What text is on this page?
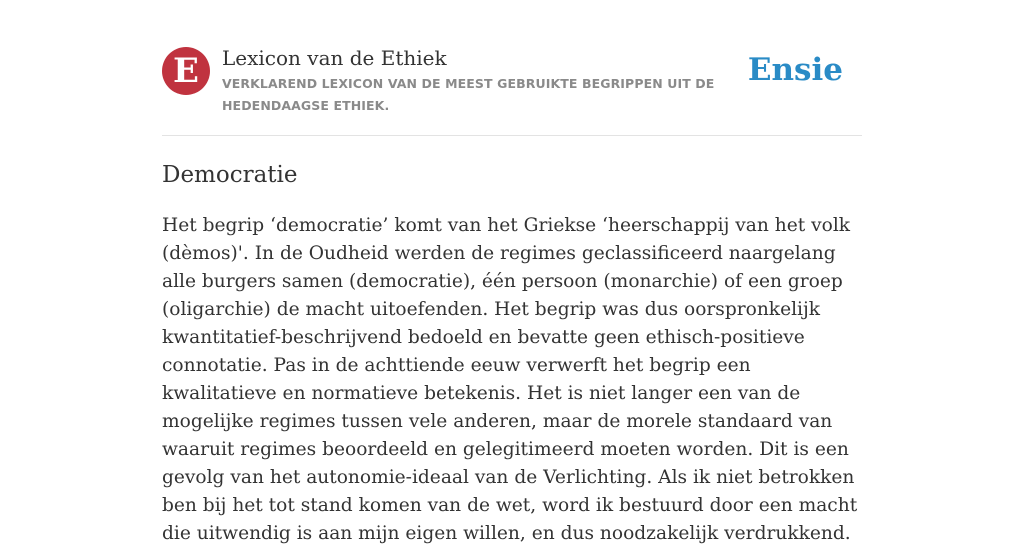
E	Lexicon van de Ethiek
VERKLAREND LEXICON VAN DE MEEST GEBRUIKTE BEGRIPPEN UIT DE HEDENDAAGSE ETHIEK.
Ensie
Democratie

Het begrip ‘democratie’ komt van het Griekse ‘heerschappij van het volk (dèmos)'. In de Oudheid werden de regimes geclassificeerd naargelang alle burgers samen (democratie), één persoon (monarchie) of een groep (oligarchie) de macht uitoefenden. Het begrip was dus oorspronkelijk kwantitatief-beschrijvend bedoeld en bevatte geen ethisch-positieve connotatie. Pas in de achttiende eeuw verwerft het begrip een kwalitatieve en normatieve betekenis. Het is niet langer een van de mogelijke regimes tussen vele anderen, maar de morele standaard van waaruit regimes beoordeeld en gelegitimeerd moeten worden. Dit is een gevolg van het autonomie-ideaal van de Verlichting. Als ik niet betrokken ben bij het tot stand komen van de wet, word ik bestuurd door een macht die uitwendig is aan mijn eigen willen, en dus noodzakelijk verdrukkend.
